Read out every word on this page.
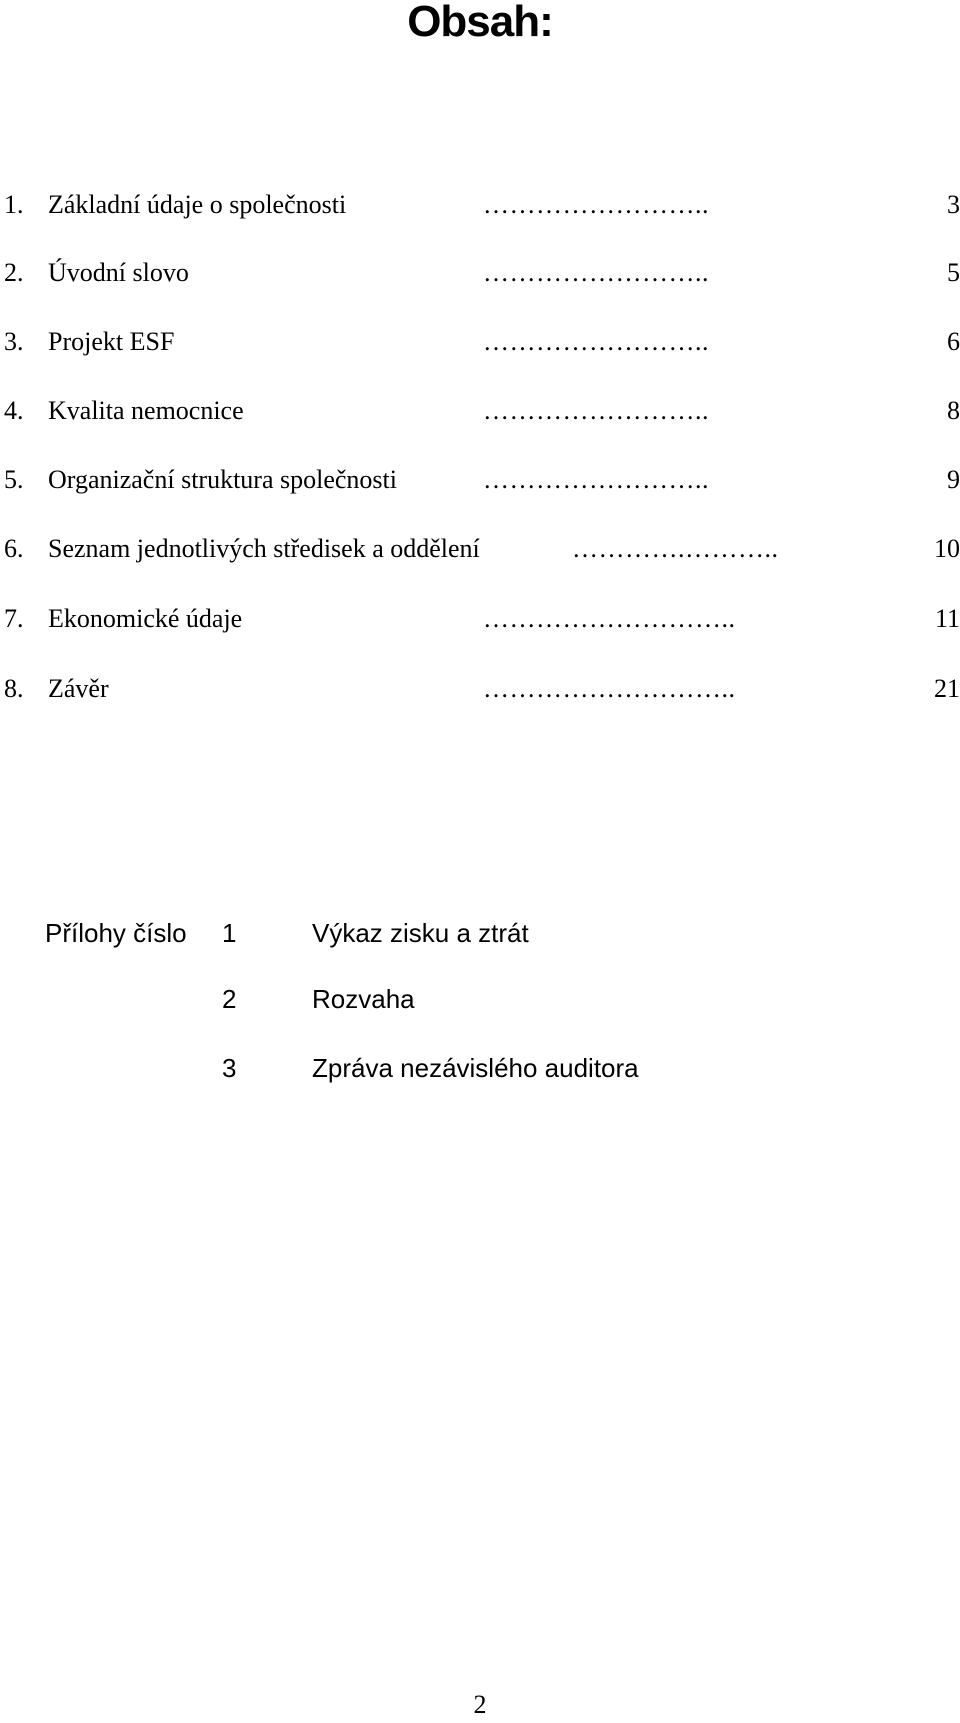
Obsah:
1. Základní údaje o společnosti	……………………..	3
2. Úvodní slovo	……………………..	5
3. Projekt ESF	……………………..	6
4. Kvalita nemocnice	……………………..	8
5. Organizační struktura společnosti	……………………..	9
6. Seznam jednotlivých středisek a oddělení	………….………..	10
7. Ekonomické údaje	………………………..	11
8. Závěr	………………………..	21
Přílohy číslo 1	Výkaz zisku a ztrát
2	Rozvaha
3	Zpráva nezávislého auditora
2
